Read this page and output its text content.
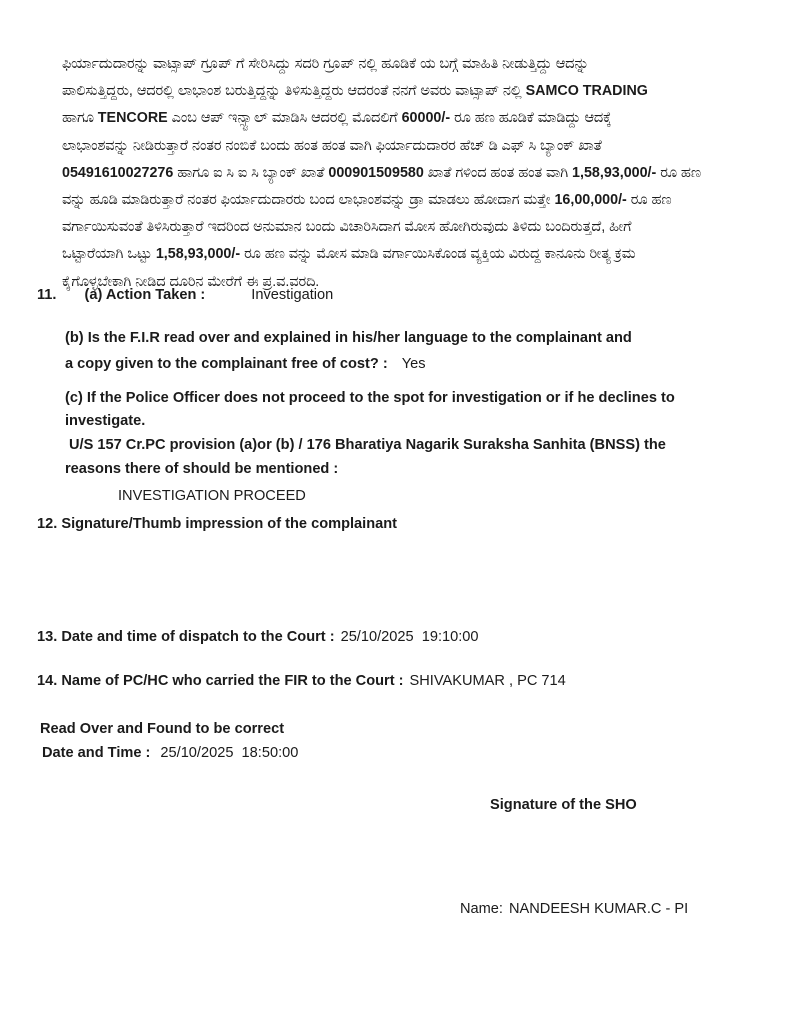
ಫಿರ್ಯಾದುದಾರನ್ನು ವಾಟ್ಸಾಪ್ ಗ್ರೂಪ್ ಗೆ ಸೇರಿಸಿದ್ದು ಸದರಿ ಗ್ರೂಪ್ ನಲ್ಲಿ ಹೂಡಿಕೆ ಯ ಬಗ್ಗೆ ಮಾಹಿತಿ ನೀಡುತ್ತಿದ್ದು ಆದನ್ನು
ಪಾಲಿಸುತ್ತಿದ್ದರು, ಆದರಲ್ಲಿ ಲಾಭಾಂಶ ಬರುತ್ತಿದ್ದನ್ನು ತಿಳಿಸುತ್ತಿದ್ದರು ಆದರಂತೆ ನನಗೆ ಅವರು ವಾಟ್ಸಾಪ್ ನಲ್ಲಿ SAMCO TRADING
ಹಾಗೂ TENCORE ಎಂಬ ಆಪ್ ಇನ್ಸ್ಟಾಲ್ ಮಾಡಿಸಿ ಆದರಲ್ಲಿ ಮೊದಲಿಗೆ 60000/- ರೂ ಹಣ ಹೂಡಿಕೆ ಮಾಡಿದ್ದು ಆದಕ್ಕೆ
ಲಾಭಾಂಶವನ್ನು ನೀಡಿರುತ್ತಾರೆ ನಂತರ ನಂಬಿಕೆ ಬಂದು ಹಂತ ಹಂತ ವಾಗಿ ಫಿರ್ಯಾದುದಾರರ ಹೆಚ್ ಡಿ ಎಫ್ ಸಿ ಬ್ಯಾಂಕ್ ಖಾತೆ
05491610027276 ಹಾಗೂ ಐ ಸಿ ಐ ಸಿ ಬ್ಯಾಂಕ್ ಖಾತೆ 000901509580 ಖಾತೆ ಗಳಿಂದ ಹಂತ ಹಂತ ವಾಗಿ 1,58,93,000/- ರೂ ಹಣ
ವನ್ನು ಹೂಡಿ ಮಾಡಿರುತ್ತಾರೆ ನಂತರ ಫಿರ್ಯಾದುದಾರರು ಬಂದ ಲಾಭಾಂಶವನ್ನು ಡ್ರಾ ಮಾಡಲು ಹೋದಾಗ ಮತ್ತೇ 16,00,000/- ರೂ ಹಣ
ವರ್ಗಾಯಿಸುವಂತೆ ತಿಳಿಸಿರುತ್ತಾರೆ ಇದರಿಂದ ಅನುಮಾನ ಬಂದು ವಿಚಾರಿಸಿದಾಗ ಮೋಸ ಹೋಗಿರುವುದು ತಿಳಿದು ಬಂದಿರುತ್ತದೆ, ಹೀಗೆ
ಒಟ್ಟಾರೆಯಾಗಿ ಒಟ್ಟು 1,58,93,000/- ರೂ ಹಣ ವನ್ನು ಮೋಸ ಮಾಡಿ ವರ್ಗಾಯಿಸಿಕೊಂಡ ವ್ಯಕ್ತಿಯ ವಿರುದ್ದ ಕಾನೂನು ರೀತ್ಯ ಕ್ರಮ
ಕೈಗೊಳ್ಳಬೇಕಾಗಿ ನೀಡಿದ ದೂರಿನ ಮೇರೆಗೆ ಈ ಪ್ರ.ವ.ವರದಿ.
11. (a) Action Taken :	Investigation
(b) Is the F.I.R read over and explained in his/her language to the complainant and
a copy given to the complainant free of cost? : Yes
(c) If the Police Officer does not proceed to the spot for investigation or if he declines to
investigate.
U/S 157 Cr.PC provision (a)or (b) / 176 Bharatiya Nagarik Suraksha Sanhita (BNSS) the
reasons there of should be mentioned :
INVESTIGATION PROCEED
12. Signature/Thumb impression of the complainant
13. Date and time of dispatch to the Court : 25/10/2025  19:10:00
14. Name of PC/HC who carried the FIR to the Court : SHIVAKUMAR , PC 714
Read Over and Found to be correct
Date and Time : 25/10/2025  18:50:00
Signature of the SHO
Name: NANDEESH KUMAR.C - PI
